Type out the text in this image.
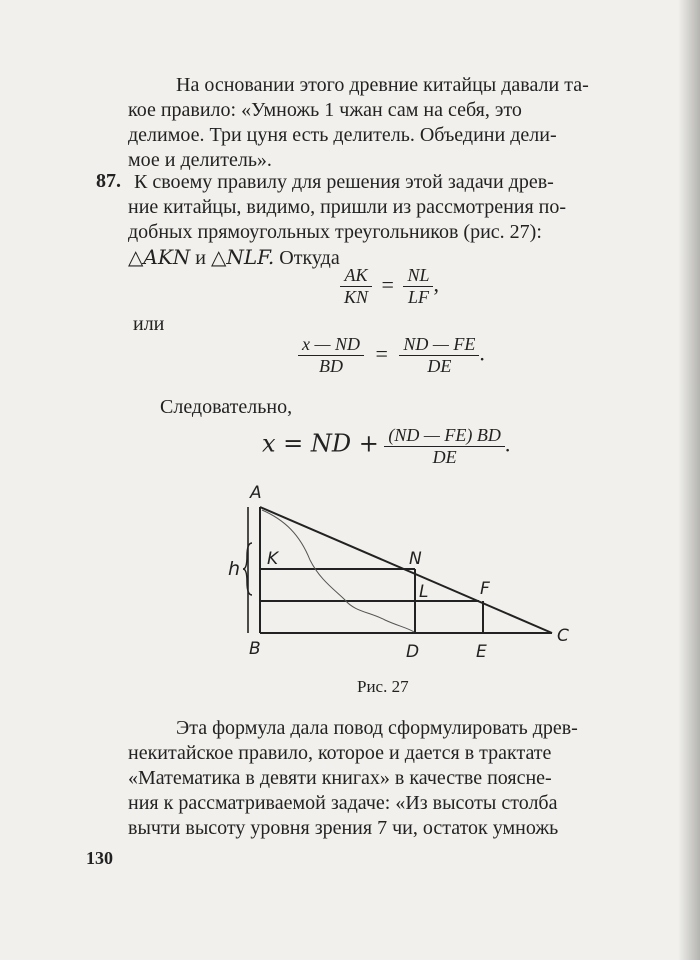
На основании этого древние китайцы давали та-
кое правило: «Умножь 1 чжан сам на себя, это
делимое. Три цуня есть делитель. Объедини дели-
мое и делитель».
87. К своему правилу для решения этой задачи древ-
ние китайцы, видимо, пришли из рассмотрения по-
добных прямоугольных треугольников (рис. 27):
△AKN и △NLF. Откуда
$\frac{AK}{KN} = \frac{NL}{LF}$ ,
или
$\frac{x — ND}{BD} = \frac{ND — FE}{DE}$ .
Следовательно,
x = ND + $\frac{(ND — FE) BD}{DE}$ .
A
K	N
L	F
B	D	E
C
h
Рис. 27
Эта формула дала повод сформулировать древ-
некитайское правило, которое и дается в трактате
«Математика в девяти книгах» в качестве поясне-
ния к рассматриваемой задаче: «Из высоты столба
вычти высоту уровня зрения 7 чи, остаток умножь
130
